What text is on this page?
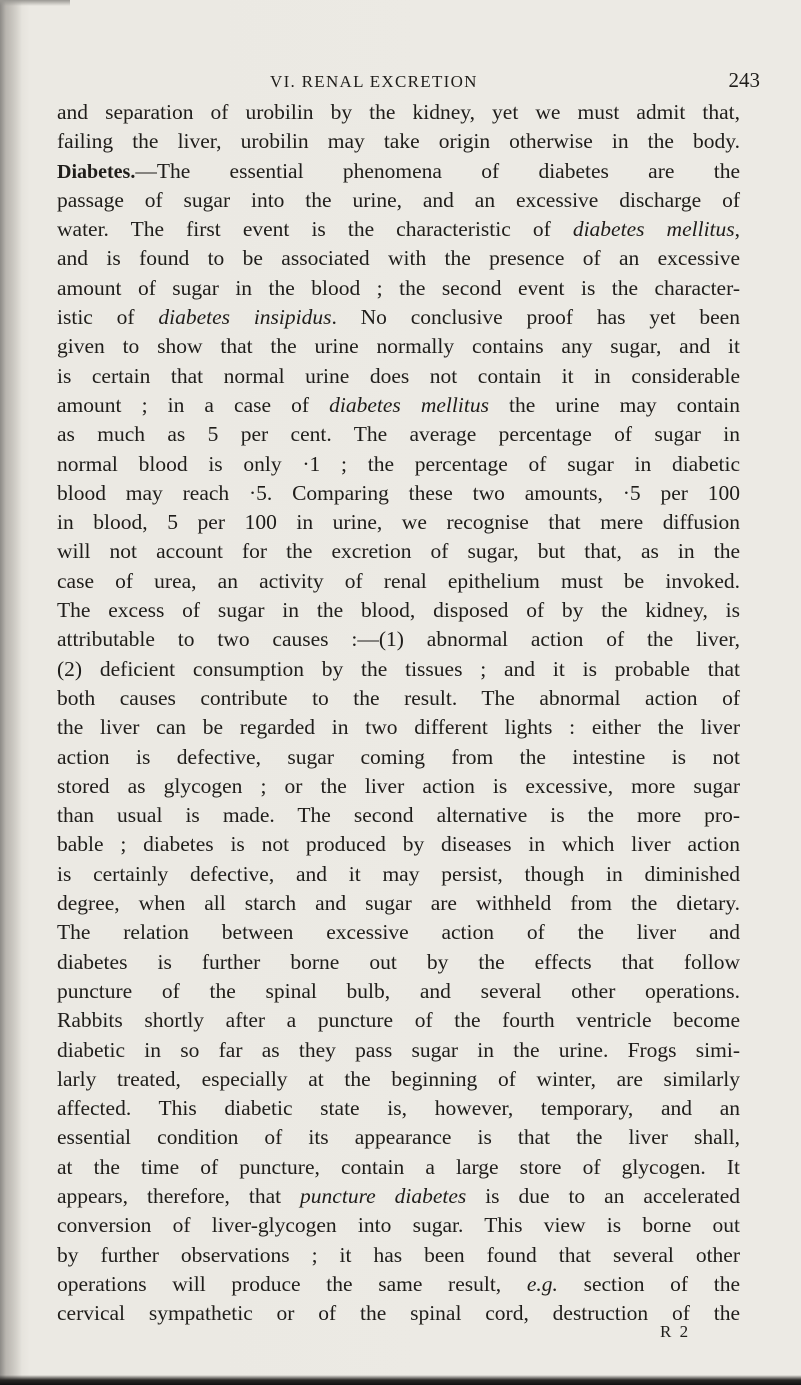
VI. RENAL EXCRETION	243
and separation of urobilin by the kidney, yet we must admit that,
failing the liver, urobilin may take origin otherwise in the body.
Diabetes.—The essential phenomena of diabetes are the
passage of sugar into the urine, and an excessive discharge of
water. The first event is the characteristic of diabetes mellitus,
and is found to be associated with the presence of an excessive
amount of sugar in the blood ; the second event is the character-
istic of diabetes insipidus. No conclusive proof has yet been
given to show that the urine normally contains any sugar, and it
is certain that normal urine does not contain it in considerable
amount ; in a case of diabetes mellitus the urine may contain
as much as 5 per cent. The average percentage of sugar in
normal blood is only ·1 ; the percentage of sugar in diabetic
blood may reach ·5. Comparing these two amounts, ·5 per 100
in blood, 5 per 100 in urine, we recognise that mere diffusion
will not account for the excretion of sugar, but that, as in the
case of urea, an activity of renal epithelium must be invoked.
The excess of sugar in the blood, disposed of by the kidney, is
attributable to two causes :—(1) abnormal action of the liver,
(2) deficient consumption by the tissues ; and it is probable that
both causes contribute to the result. The abnormal action of
the liver can be regarded in two different lights : either the liver
action is defective, sugar coming from the intestine is not
stored as glycogen ; or the liver action is excessive, more sugar
than usual is made. The second alternative is the more pro-
bable ; diabetes is not produced by diseases in which liver action
is certainly defective, and it may persist, though in diminished
degree, when all starch and sugar are withheld from the dietary.
The relation between excessive action of the liver and
diabetes is further borne out by the effects that follow
puncture of the spinal bulb, and several other operations.
Rabbits shortly after a puncture of the fourth ventricle become
diabetic in so far as they pass sugar in the urine. Frogs simi-
larly treated, especially at the beginning of winter, are similarly
affected. This diabetic state is, however, temporary, and an
essential condition of its appearance is that the liver shall,
at the time of puncture, contain a large store of glycogen. It
appears, therefore, that puncture diabetes is due to an accelerated
conversion of liver-glycogen into sugar. This view is borne out
by further observations ; it has been found that several other
operations will produce the same result, e.g. section of the
cervical sympathetic or of the spinal cord, destruction of the
R 2
